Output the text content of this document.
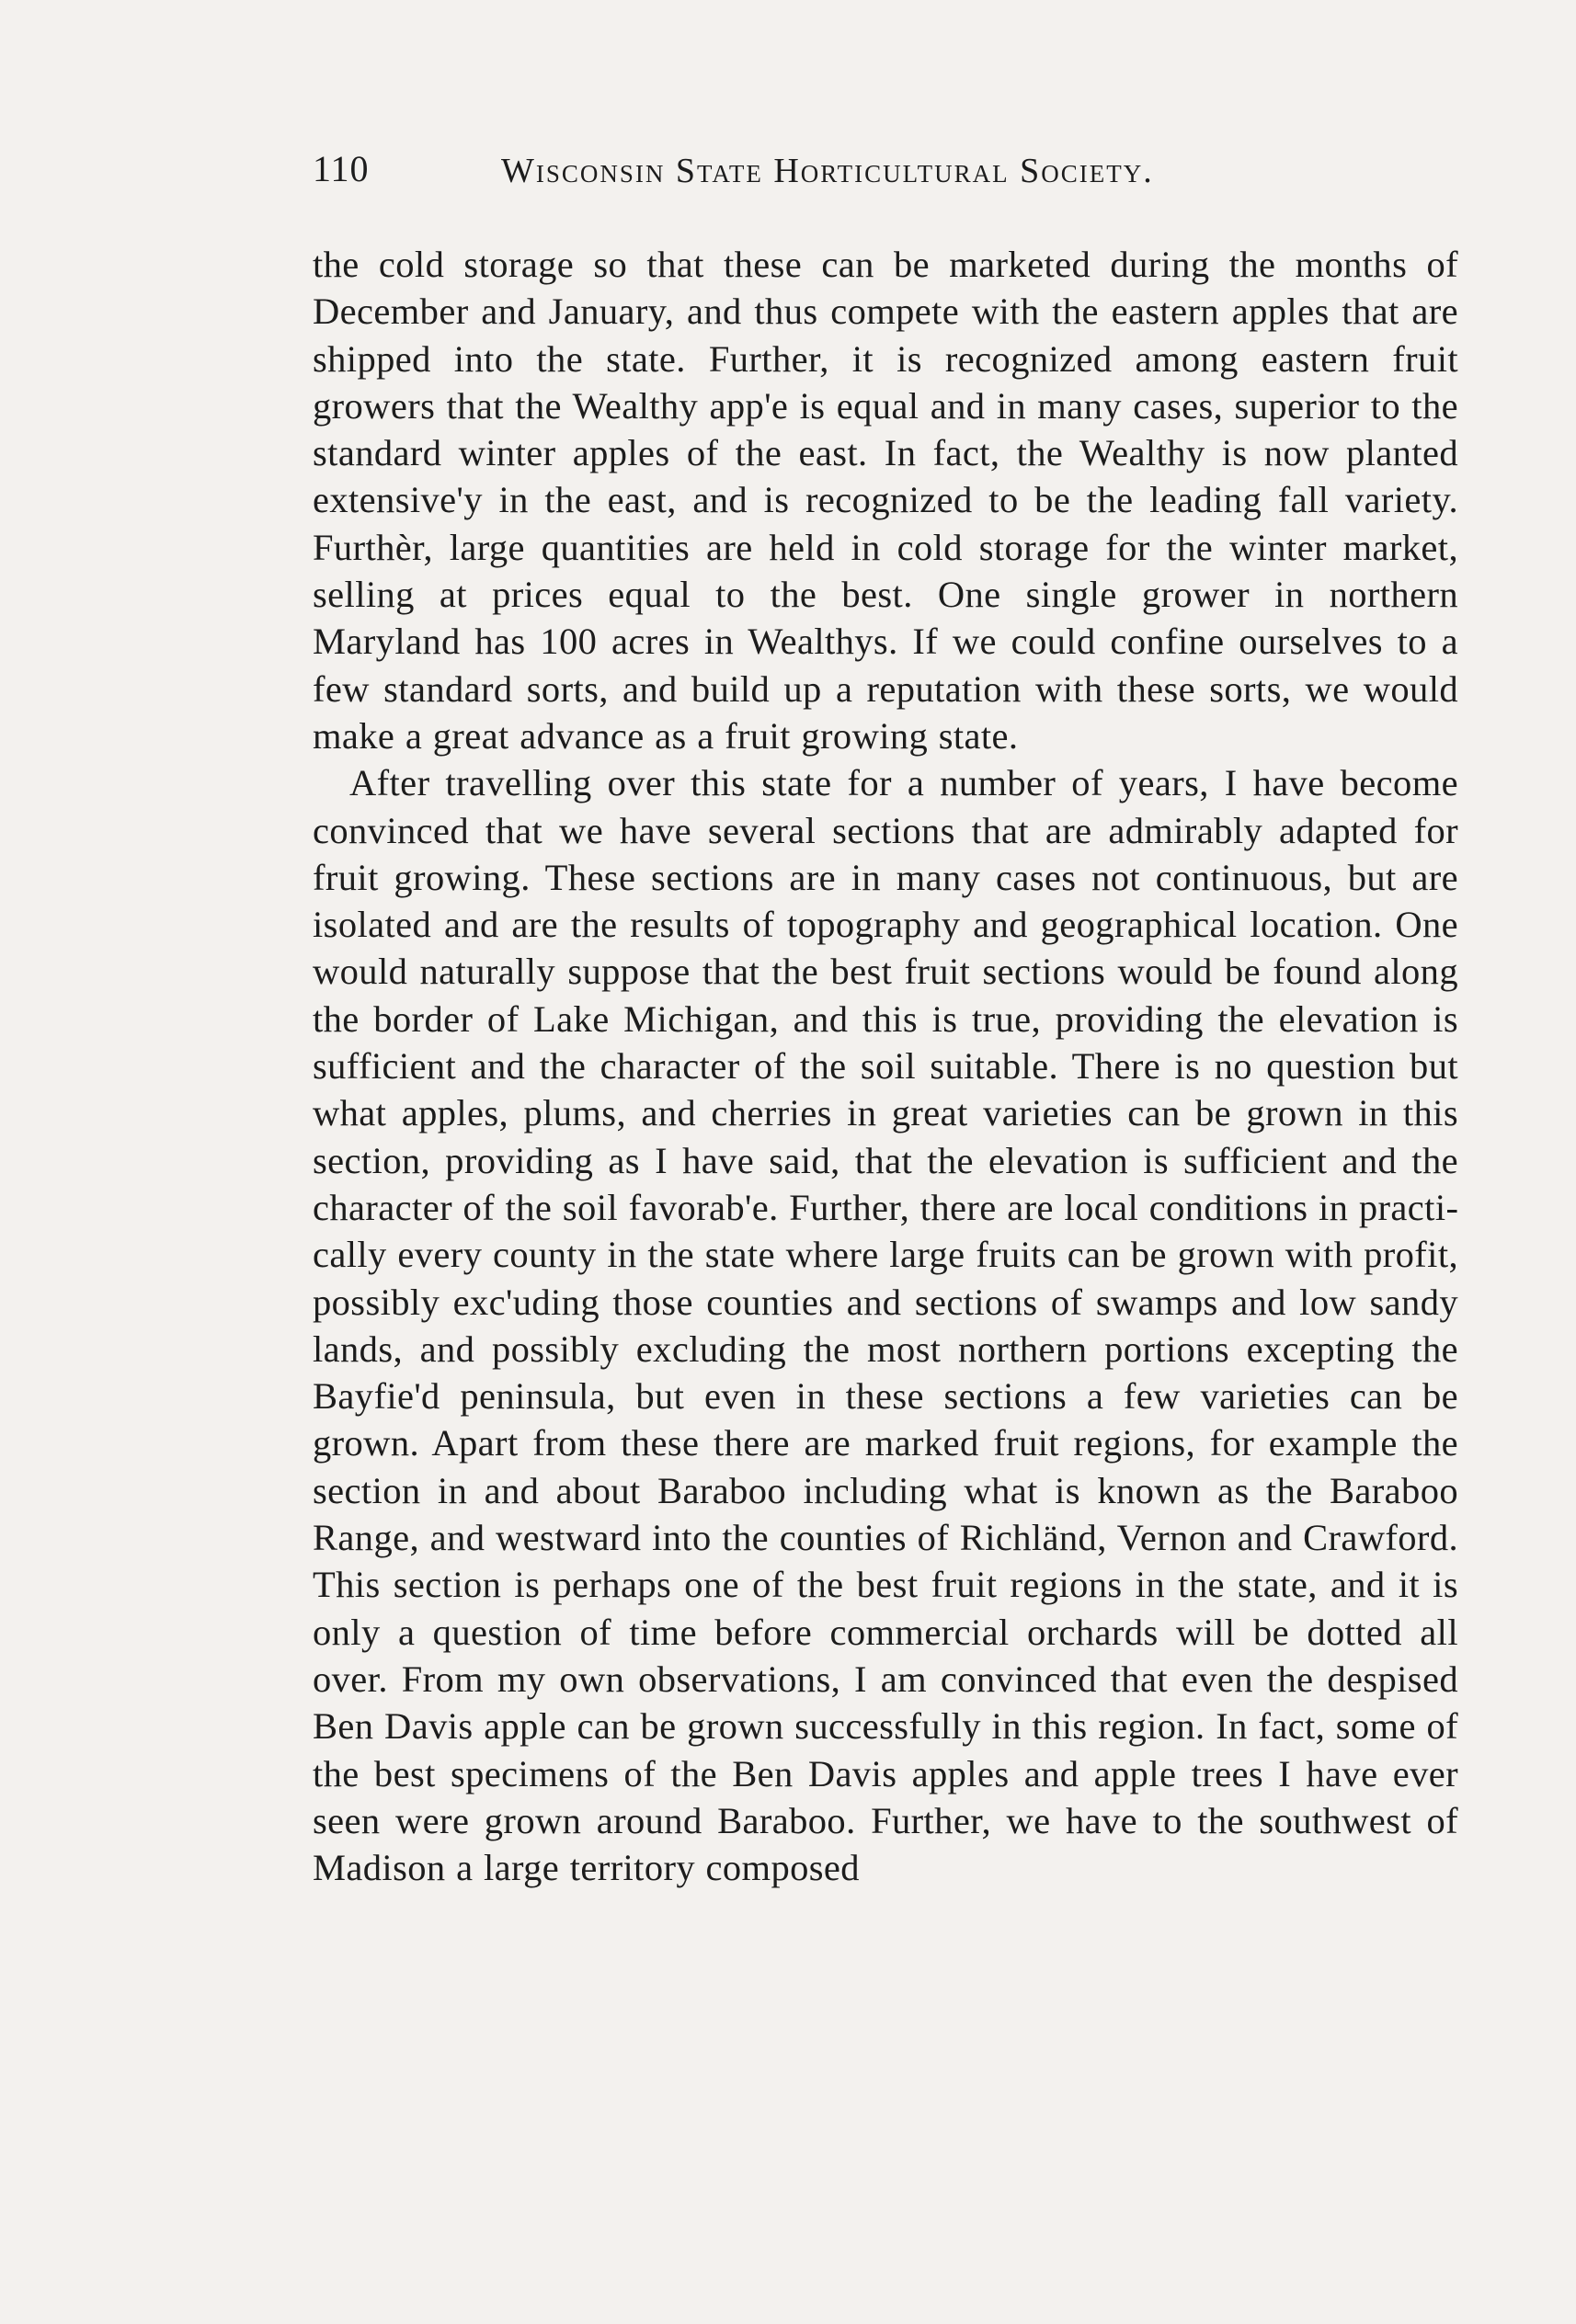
110	Wisconsin State Horticultural Society.

the cold storage so that these can be marketed during the months of December and January, and thus compete with the eastern apples that are shipped into the state. Further, it is recognized among eastern fruit growers that the Wealthy app'e is equal and in many cases, superior to the standard winter apples of the east. In fact, the Wealthy is now planted extensive'y in the east, and is recognized to be the leading fall variety. Furthèr, large quantities are held in cold storage for the winter market, selling at prices equal to the best. One single grower in northern Maryland has 100 acres in Wealthys. If we could confine ourselves to a few standard sorts, and build up a reputation with these sorts, we would make a great advance as a fruit growing state.

After travelling over this state for a number of years, I have become convinced that we have several sections that are admirably adapted for fruit growing. These sections are in many cases not continuous, but are isolated and are the results of topography and geographical location. One would naturally suppose that the best fruit sections would be found along the border of Lake Michigan, and this is true, providing the elevation is sufficient and the character of the soil suitable. There is no question but what apples, plums, and cherries in great varieties can be grown in this section, providing as I have said, that the elevation is sufficient and the character of the soil favorab'e. Further, there are local conditions in practically every county in the state where large fruits can be grown with profit, possibly exc'uding those counties and sections of swamps and low sandy lands, and possibly excluding the most northern portions excepting the Bayfie'd peninsula, but even in these sections a few varieties can be grown. Apart from these there are marked fruit regions, for example the section in and about Baraboo including what is known as the Baraboo Range, and westward into the counties of Richländ, Vernon and Crawford. This section is perhaps one of the best fruit regions in the state, and it is only a question of time before commercial orchards will be dotted all over. From my own observations, I am convinced that even the despised Ben Davis apple can be grown successfully in this region. In fact, some of the best specimens of the Ben Davis apples and apple trees I have ever seen were grown around Baraboo. Further, we have to the southwest of Madison a large territory composed
